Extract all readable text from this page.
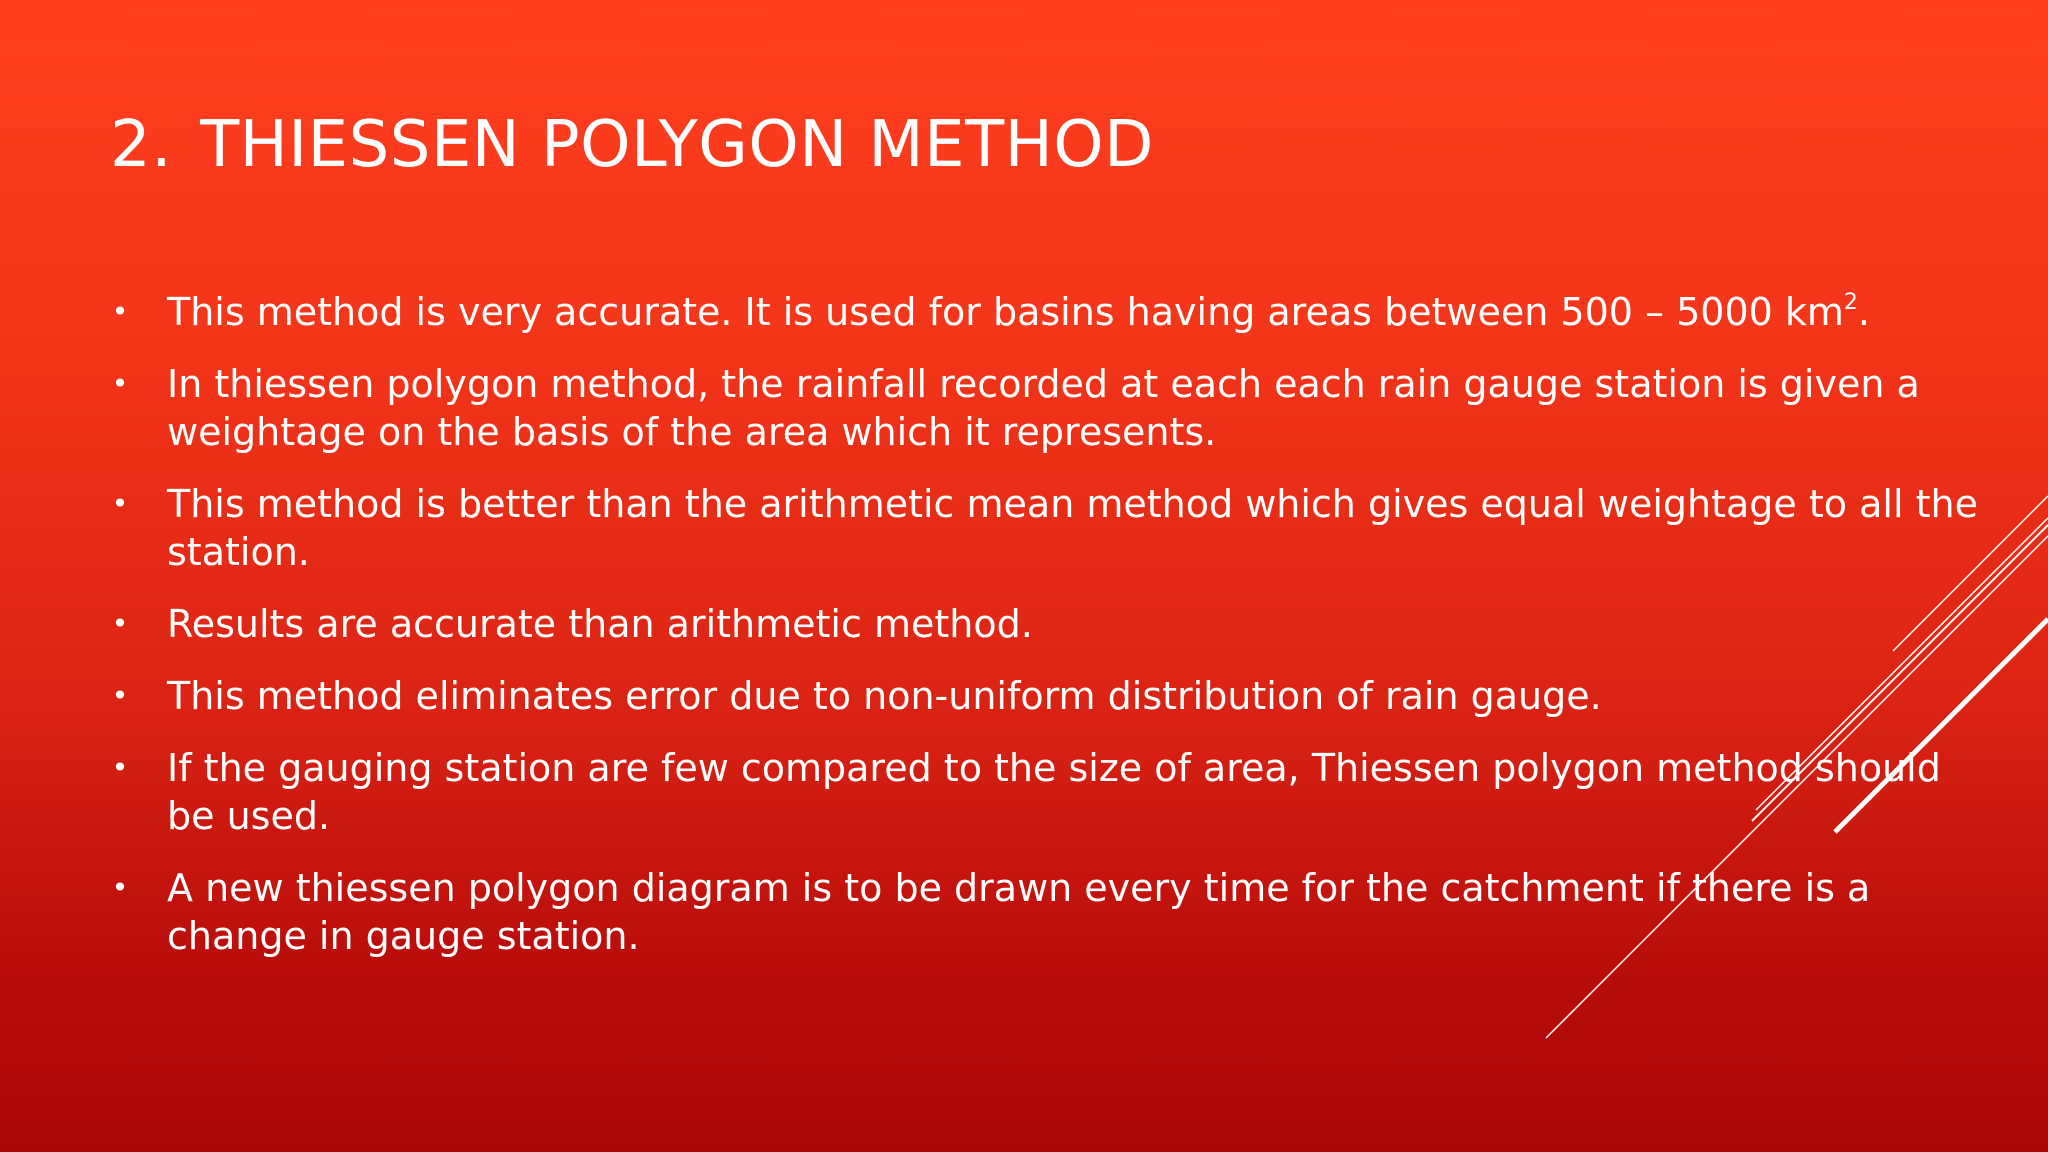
2. THIESSEN POLYGON METHOD
• This method is very accurate. It is used for basins having areas between 500 – 5000 $km^2$.
• In thiessen polygon method, the rainfall recorded at each each rain gauge station is given a weightage on the basis of the area which it represents.
• This method is better than the arithmetic mean method which gives equal weightage to all the station.
• Results are accurate than arithmetic method.
• This method eliminates error due to non-uniform distribution of rain gauge.
• If the gauging station are few compared to the size of area, Thiessen polygon method should be used.
• A new thiessen polygon diagram is to be drawn every time for the catchment if there is a change in gauge station.
